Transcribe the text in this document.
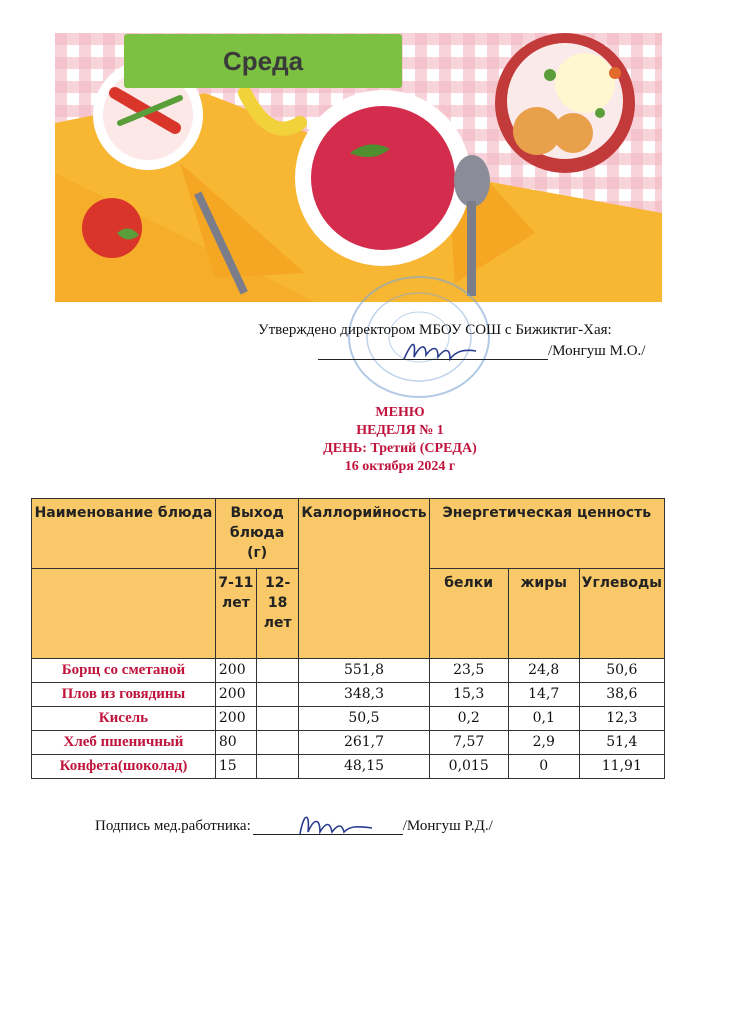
Среда
Утверждено директором МБОУ СОШ с Бижиктиг-Хая:
/Монгуш М.О./
МЕНЮ
НЕДЕЛЯ № 1
ДЕНЬ: Третий (СРЕДА)
16 октября 2024 г
Наименование блюда	Выход блюда (г)		Каллорийность	Энергетическая ценность		

	7-11 лет	12-18 лет		белки	жиры	Углеводы
Борщ со сметаной	200		551,8	23,5	24,8	50,6
Плов из говядины	200		348,3	15,3	14,7	38,6
Кисель	200		50,5	0,2	0,1	12,3
Хлеб пшеничный	80		261,7	7,57	2,9	51,4
Конфета(шоколад)	15		48,15	0,015	0	11,91
Подпись мед.работника:	/Монгуш Р.Д./
